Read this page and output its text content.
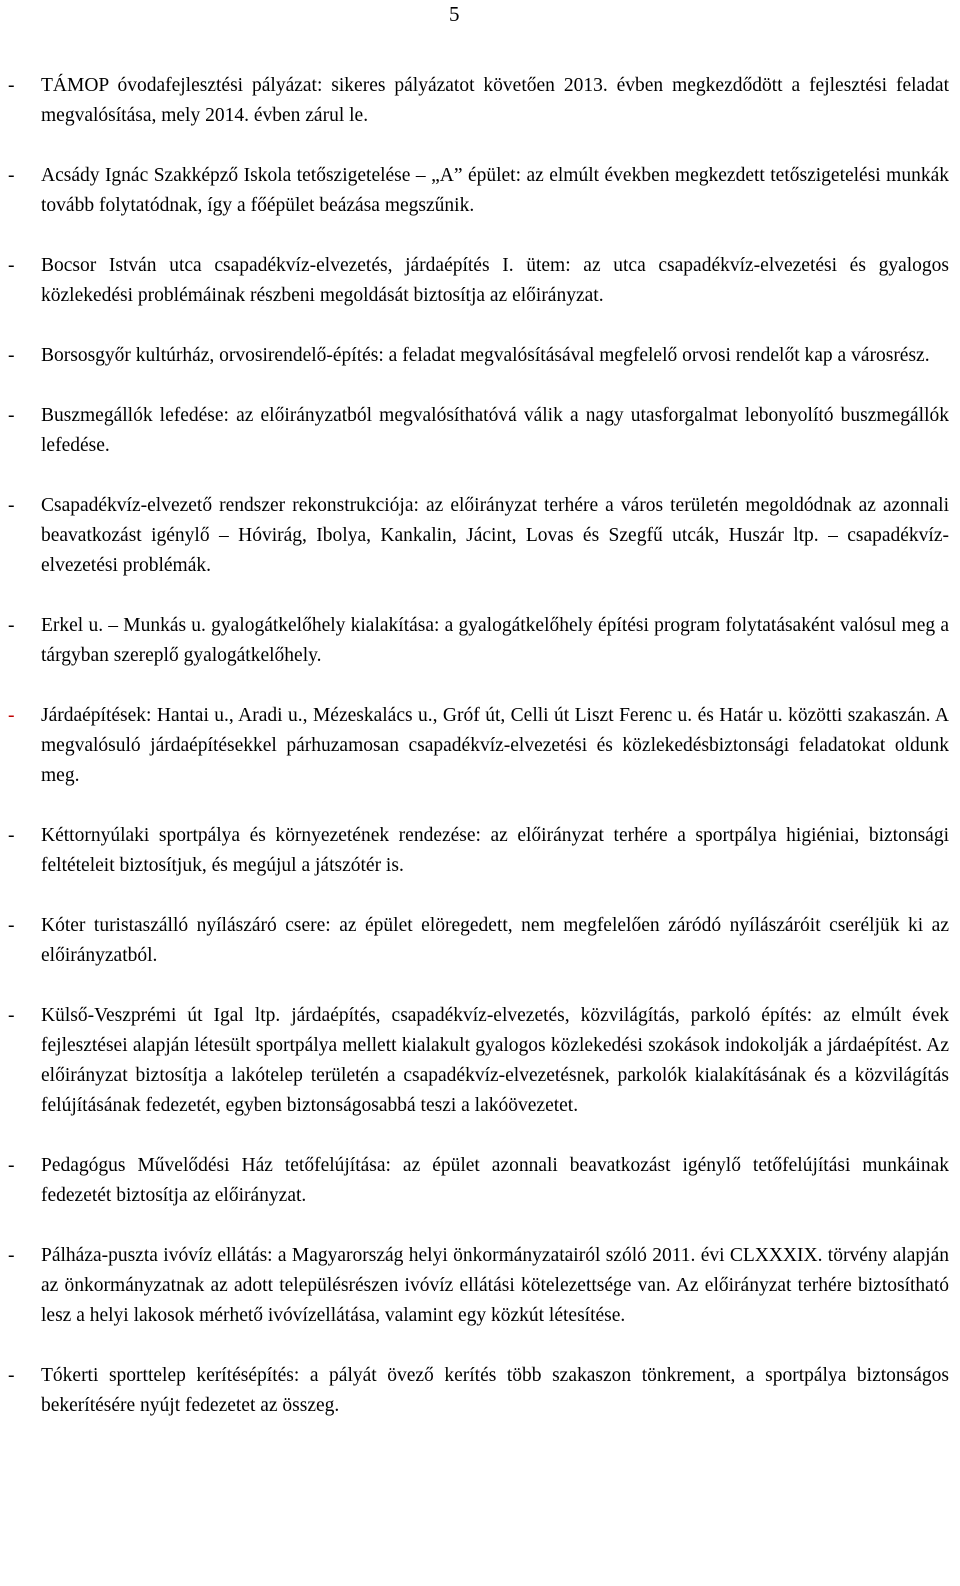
5
-	TÁMOP óvodafejlesztési pályázat: sikeres pályázatot követően 2013. évben megkezdődött a fejlesztési feladat megvalósítása, mely 2014. évben zárul le.
-	Acsády Ignác Szakképző Iskola tetőszigetelése – „A” épület: az elmúlt években megkezdett tetőszigetelési munkák tovább folytatódnak, így a főépület beázása megszűnik.
-	Bocsor István utca csapadékvíz-elvezetés, járdaépítés I. ütem: az utca csapadékvíz-elvezetési és gyalogos közlekedési problémáinak részbeni megoldását biztosítja az előirányzat.
-	Borsosgyőr kultúrház, orvosirendelő-építés: a feladat megvalósításával megfelelő orvosi rendelőt kap a városrész.
-	Buszmegállók lefedése: az előirányzatból megvalósíthatóvá válik a nagy utasforgalmat lebonyolító buszmegállók lefedése.
-	Csapadékvíz-elvezető rendszer rekonstrukciója: az előirányzat terhére a város területén megoldódnak az azonnali beavatkozást igénylő – Hóvirág, Ibolya, Kankalin, Jácint, Lovas és Szegfű utcák, Huszár ltp. – csapadékvíz-elvezetési problémák.
-	Erkel u. – Munkás u. gyalogátkelőhely kialakítása: a gyalogátkelőhely építési program folytatásaként valósul meg a tárgyban szereplő gyalogátkelőhely.
-	Járdaépítések: Hantai u., Aradi u., Mézeskalács u., Gróf út, Celli út Liszt Ferenc u. és Határ u. közötti szakaszán. A megvalósuló járdaépítésekkel párhuzamosan csapadékvíz-elvezetési és közlekedésbiztonsági feladatokat oldunk meg.
-	Kéttornyúlaki sportpálya és környezetének rendezése: az előirányzat terhére a sportpálya higiéniai, biztonsági feltételeit biztosítjuk, és megújul a játszótér is.
-	Kóter turistaszálló nyílászáró csere: az épület elöregedett, nem megfelelően záródó nyílászáróit cseréljük ki az előirányzatból.
-	Külső-Veszprémi út Igal ltp. járdaépítés, csapadékvíz-elvezetés, közvilágítás, parkoló építés: az elmúlt évek fejlesztései alapján létesült sportpálya mellett kialakult gyalogos közlekedési szokások indokolják a járdaépítést. Az előirányzat biztosítja a lakótelep területén a csapadékvíz-elvezetésnek, parkolók kialakításának és a közvilágítás felújításának fedezetét, egyben biztonságosabbá teszi a lakóövezetet.
-	Pedagógus Művelődési Ház tetőfelújítása: az épület azonnali beavatkozást igénylő tetőfelújítási munkáinak fedezetét biztosítja az előirányzat.
-	Pálháza-puszta ivóvíz ellátás: a Magyarország helyi önkormányzatairól szóló 2011. évi CLXXXIX. törvény alapján az önkormányzatnak az adott településrészen ivóvíz ellátási kötelezettsége van. Az előirányzat terhére biztosítható lesz a helyi lakosok mérhető ivóvízellátása, valamint egy közkút létesítése.
-	Tókerti sporttelep kerítésépítés: a pályát övező kerítés több szakaszon tönkrement, a sportpálya biztonságos bekerítésére nyújt fedezetet az összeg.
